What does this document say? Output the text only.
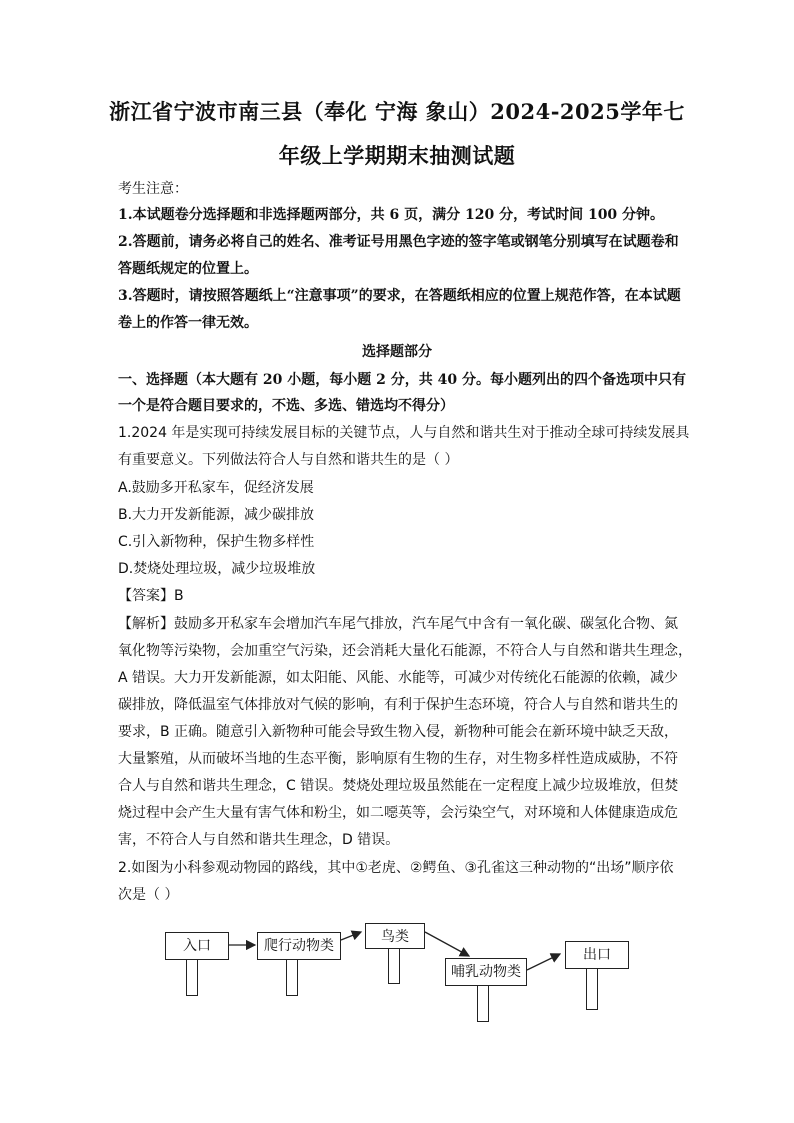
浙江省宁波市南三县（奉化 宁海 象山）2024-2025学年七
年级上学期期末抽测试题
考生注意：
1.本试题卷分选择题和非选择题两部分，共 6 页，满分 120 分，考试时间 100 分钟。
2.答题前，请务必将自己的姓名、准考证号用黑色字迹的签字笔或钢笔分别填写在试题卷和
答题纸规定的位置上。
3.答题时，请按照答题纸上“注意事项”的要求，在答题纸相应的位置上规范作答，在本试题
卷上的作答一律无效。
选择题部分
一、选择题（本大题有 20 小题，每小题 2 分，共 40 分。每小题列出的四个备选项中只有
一个是符合题目要求的，不选、多选、错选均不得分）
1.2024 年是实现可持续发展目标的关键节点，人与自然和谐共生对于推动全球可持续发展具
有重要意义。下列做法符合人与自然和谐共生的是（ ）
A.鼓励多开私家车，促经济发展
B.大力开发新能源，减少碳排放
C.引入新物种，保护生物多样性
D.焚烧处理垃圾，减少垃圾堆放
【答案】B
【解析】鼓励多开私家车会增加汽车尾气排放，汽车尾气中含有一氧化碳、碳氢化合物、氮
氧化物等污染物，会加重空气污染，还会消耗大量化石能源，不符合人与自然和谐共生理念，
A 错误。大力开发新能源，如太阳能、风能、水能等，可减少对传统化石能源的依赖，减少
碳排放，降低温室气体排放对气候的影响，有利于保护生态环境，符合人与自然和谐共生的
要求，B 正确。随意引入新物种可能会导致生物入侵，新物种可能会在新环境中缺乏天敌，
大量繁殖，从而破坏当地的生态平衡，影响原有生物的生存，对生物多样性造成威胁，不符
合人与自然和谐共生理念，C 错误。焚烧处理垃圾虽然能在一定程度上减少垃圾堆放，但焚
烧过程中会产生大量有害气体和粉尘，如二噁英等，会污染空气，对环境和人体健康造成危
害，不符合人与自然和谐共生理念，D 错误。
2.如图为小科参观动物园的路线，其中①老虎、②鳄鱼、③孔雀这三种动物的“出场”顺序依
次是（ ）
入口	爬行动物类
鸟类
哺乳动物类
出口
